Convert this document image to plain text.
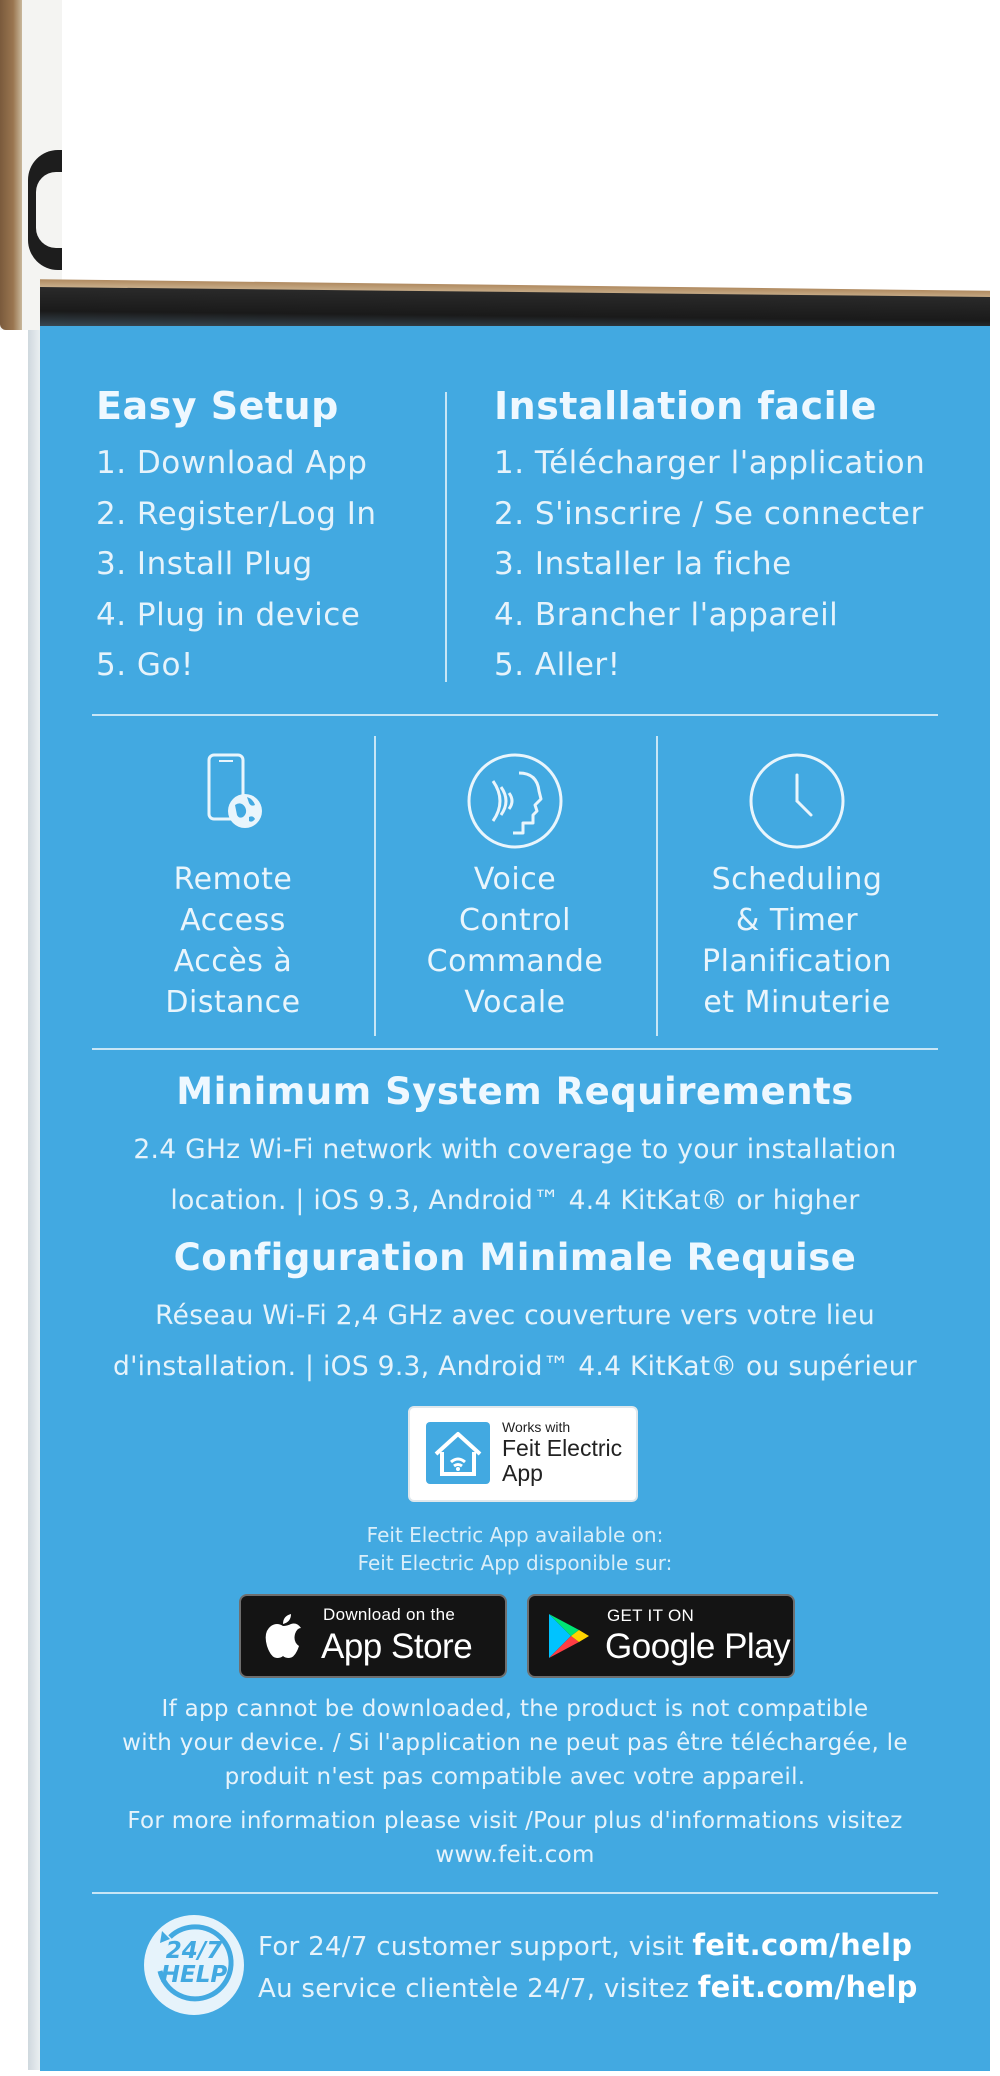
Easy Setup
1. Download App
2. Register/Log In
3. Install Plug
4. Plug in device
5. Go!
Installation facile
1. Télécharger l'application
2. S'inscrire / Se connecter
3. Installer la fiche
4. Brancher l'appareil
5. Aller!
Remote
Access
Accès à
Distance
Voice
Control
Commande
Vocale
Scheduling
& Timer
Planification
et Minuterie
Minimum System Requirements
2.4 GHz Wi-Fi network with coverage to your installation
location. | iOS 9.3, Android™ 4.4 KitKat® or higher
Configuration Minimale Requise
Réseau Wi-Fi 2,4 GHz avec couverture vers votre lieu
d'installation. | iOS 9.3, Android™ 4.4 KitKat® ou supérieur
Works with
Feit Electric
App
Feit Electric App available on:
Feit Electric App disponible sur:
Download on the
App Store
GET IT ON
Google Play
If app cannot be downloaded, the product is not compatible
with your device. / Si l'application ne peut pas être téléchargée, le
produit n'est pas compatible avec votre appareil.
For more information please visit /Pour plus d'informations visitez
www.feit.com
24/7
HELP
For 24/7 customer support, visit feit.com/help
Au service clientèle 24/7, visitez feit.com/help
